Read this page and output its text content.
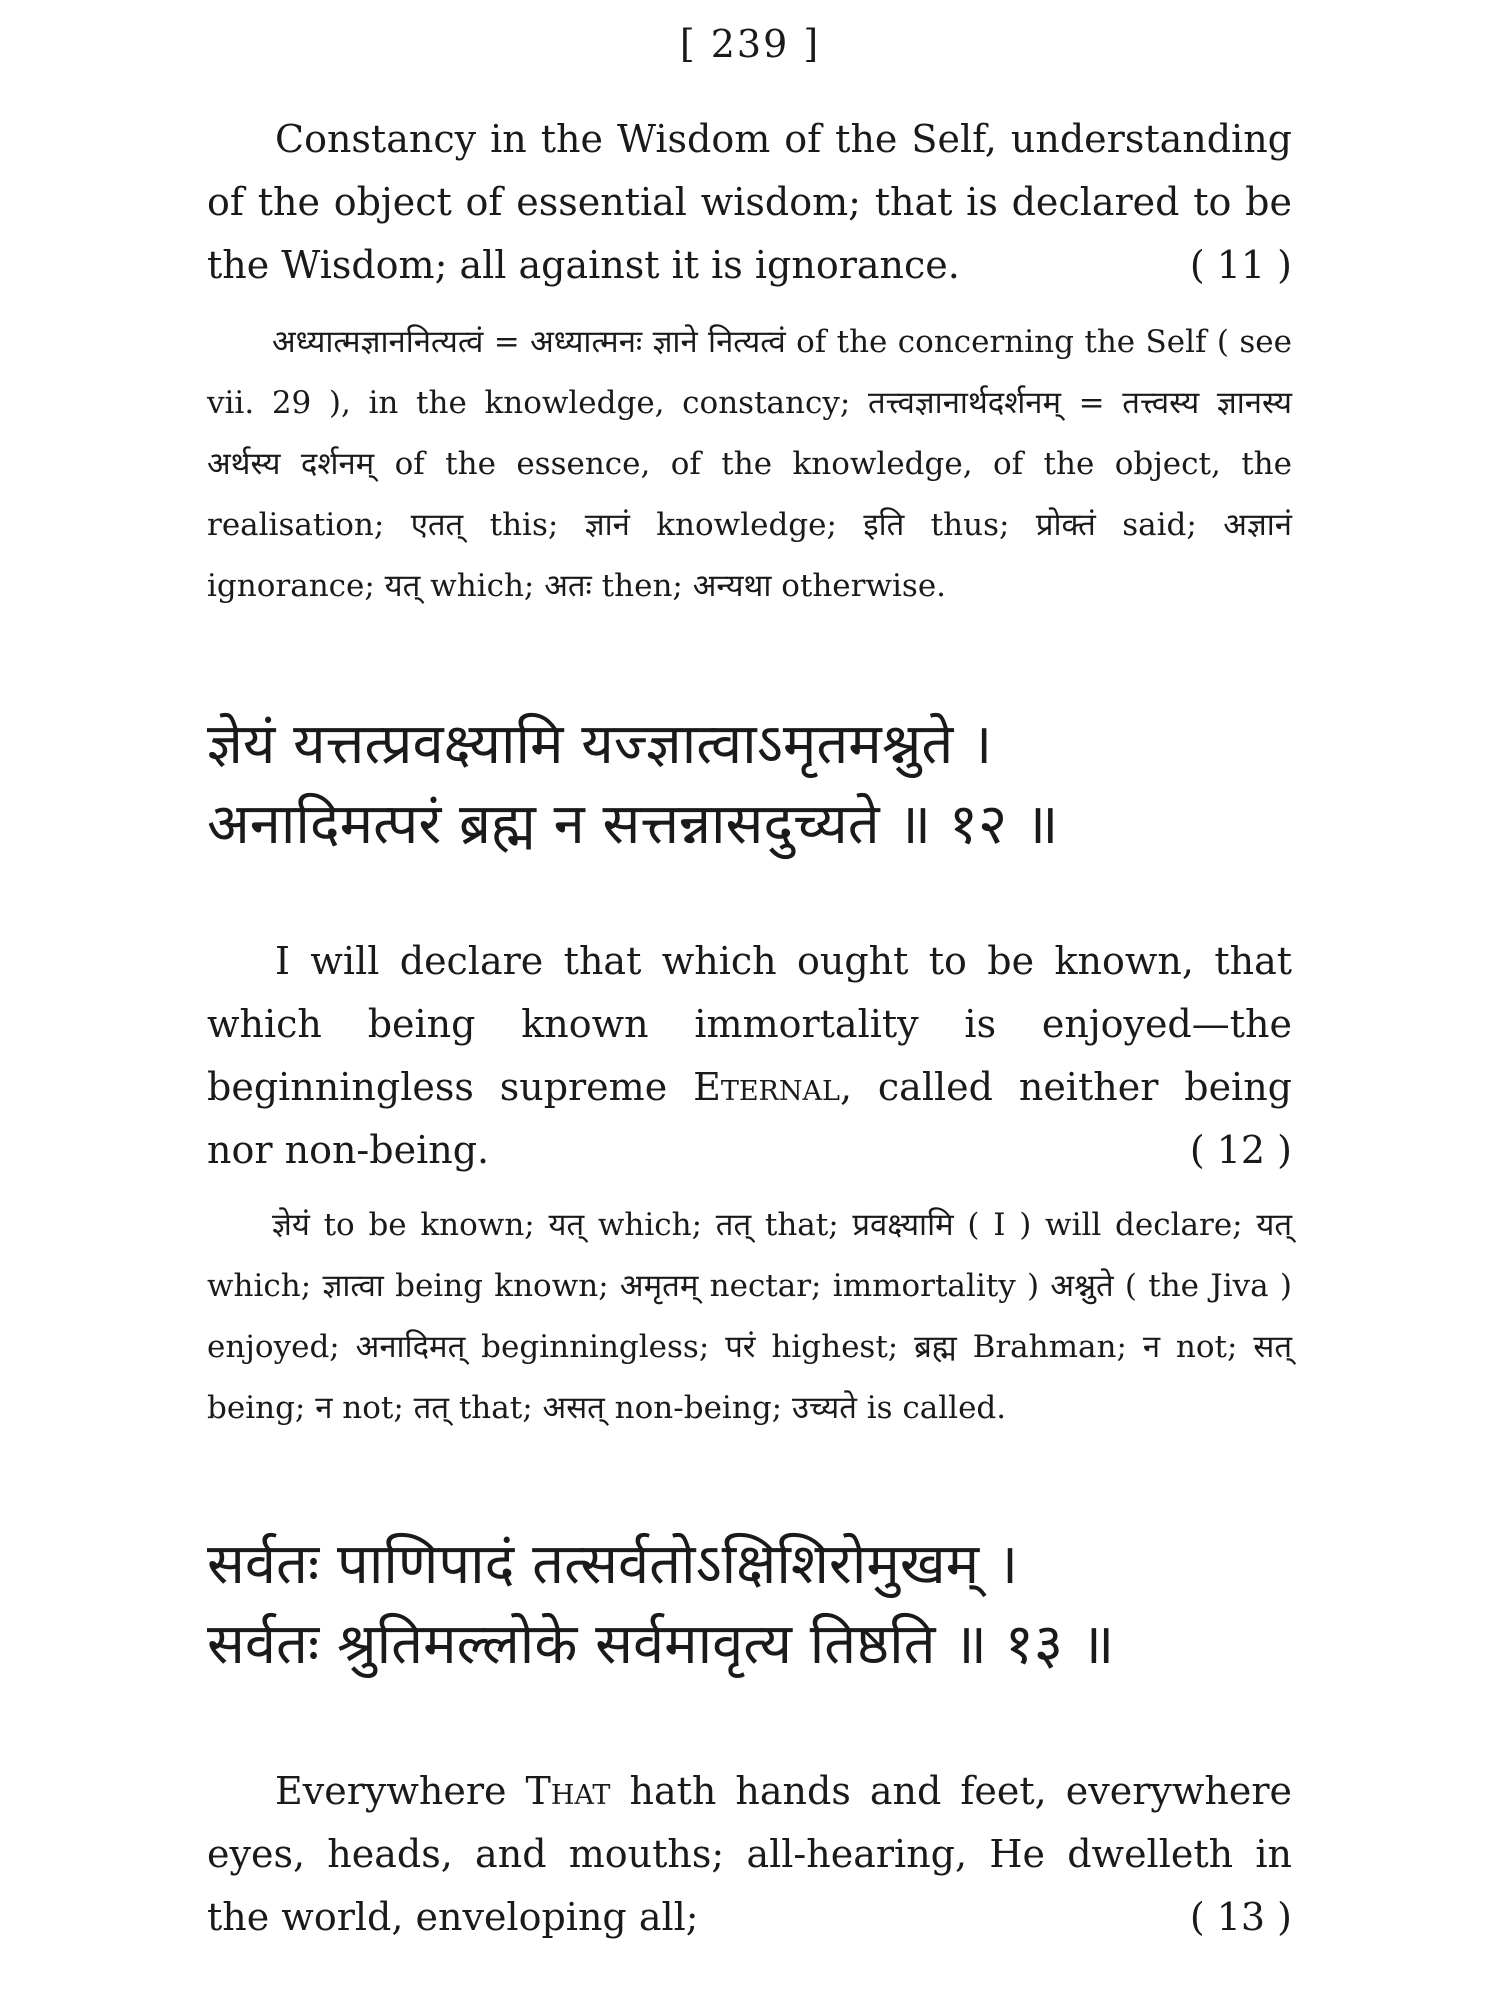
[ 239 ]

Constancy in the Wisdom of the Self, understanding of the object of essential wisdom; that is declared to be the Wisdom; all against it is ignorance.	( 11 )

अध्यात्मज्ञाननित्यत्वं = अध्यात्मनः ज्ञाने नित्यत्वं of the concerning the Self ( see vii. 29 ), in the knowledge, constancy; तत्त्वज्ञानार्थदर्शनम् = तत्त्वस्य ज्ञानस्य अर्थस्य दर्शनम् of the essence, of the knowledge, of the object, the realisation; एतत् this; ज्ञानं knowledge; इति thus; प्रोक्तं said; अज्ञानं ignorance; यत् which; अतः then; अन्यथा otherwise.

ज्ञेयं यत्तत्प्रवक्ष्यामि यज्ज्ञात्वाऽमृतमश्नुते ।

अनादिमत्परं ब्रह्म न सत्तन्नासदुच्यते ॥ १२ ॥

I will declare that which ought to be known, that which being known immortality is enjoyed—the beginningless supreme Eternal, called neither being nor non-being.	( 12 )

ज्ञेयं to be known; यत् which; तत् that; प्रवक्ष्यामि ( I ) will declare; यत् which; ज्ञात्वा being known; अमृतम् nectar; immortality ) अश्नुते ( the Jiva ) enjoyed; अनादिमत् beginningless; परं highest; ब्रह्म Brahman; न not; सत् being; न not; तत् that; असत् non-being; उच्यते is called.

सर्वतः पाणिपादं तत्सर्वतोऽक्षिशिरोमुखम् ।

सर्वतः श्रुतिमल्लोके सर्वमावृत्य तिष्ठति ॥ १३ ॥

Everywhere That hath hands and feet, everywhere eyes, heads, and mouths; all-hearing, He dwelleth in the world, enveloping all;	( 13 )
